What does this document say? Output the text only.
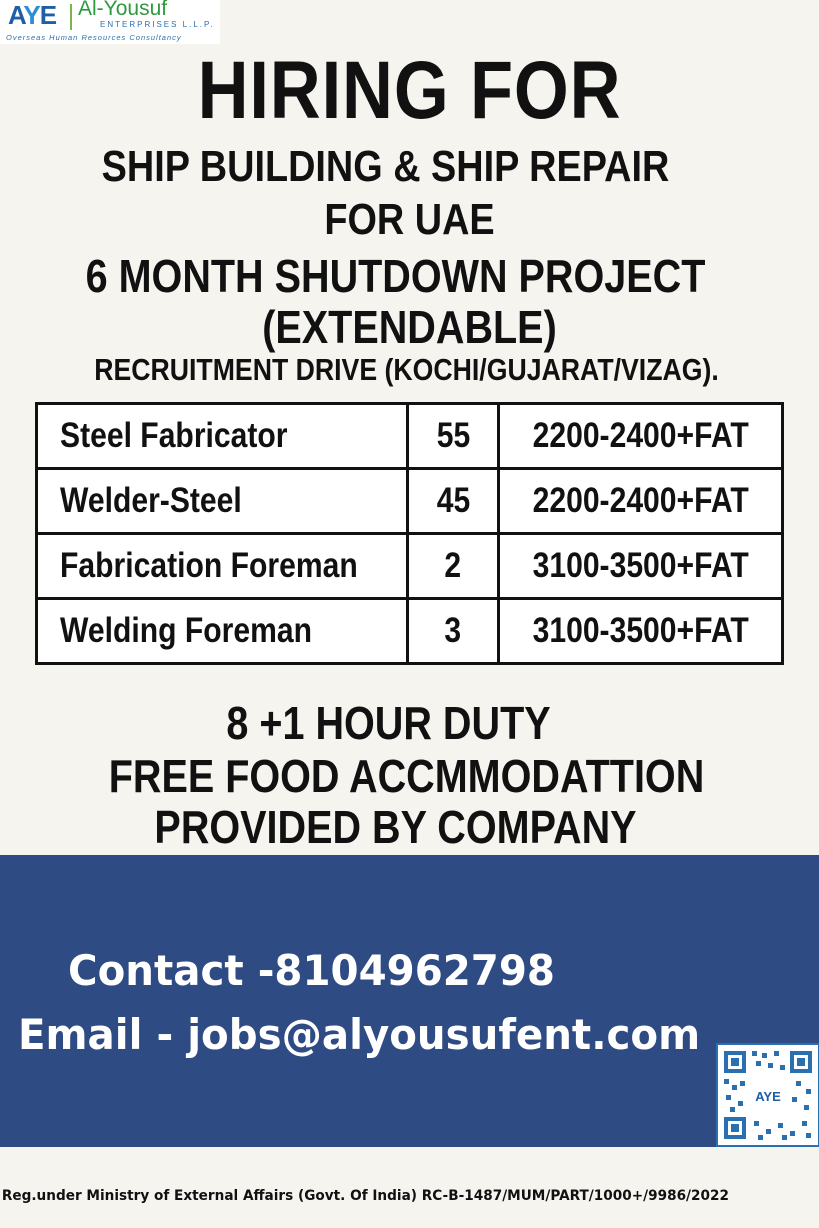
AYE Al-Yousuf
ENTERPRISES L.L.P.
Overseas Human Resources Consultancy
HIRING FOR
SHIP BUILDING & SHIP REPAIR
FOR UAE
6 MONTH SHUTDOWN PROJECT
(EXTENDABLE)
RECRUITMENT DRIVE (KOCHI/GUJARAT/VIZAG).
Steel Fabricator	55	2200-2400+FAT
Welder-Steel	45	2200-2400+FAT
Fabrication Foreman	2	3100-3500+FAT
Welding Foreman	3	3100-3500+FAT
8 +1 HOUR DUTY
FREE FOOD ACCMMODATTION
PROVIDED BY COMPANY
Contact -8104962798
Email - jobs@alyousufent.com
AYE
Reg.under Ministry of External Affairs (Govt. Of India) RC-B-1487/MUM/PART/1000+/9986/2022
